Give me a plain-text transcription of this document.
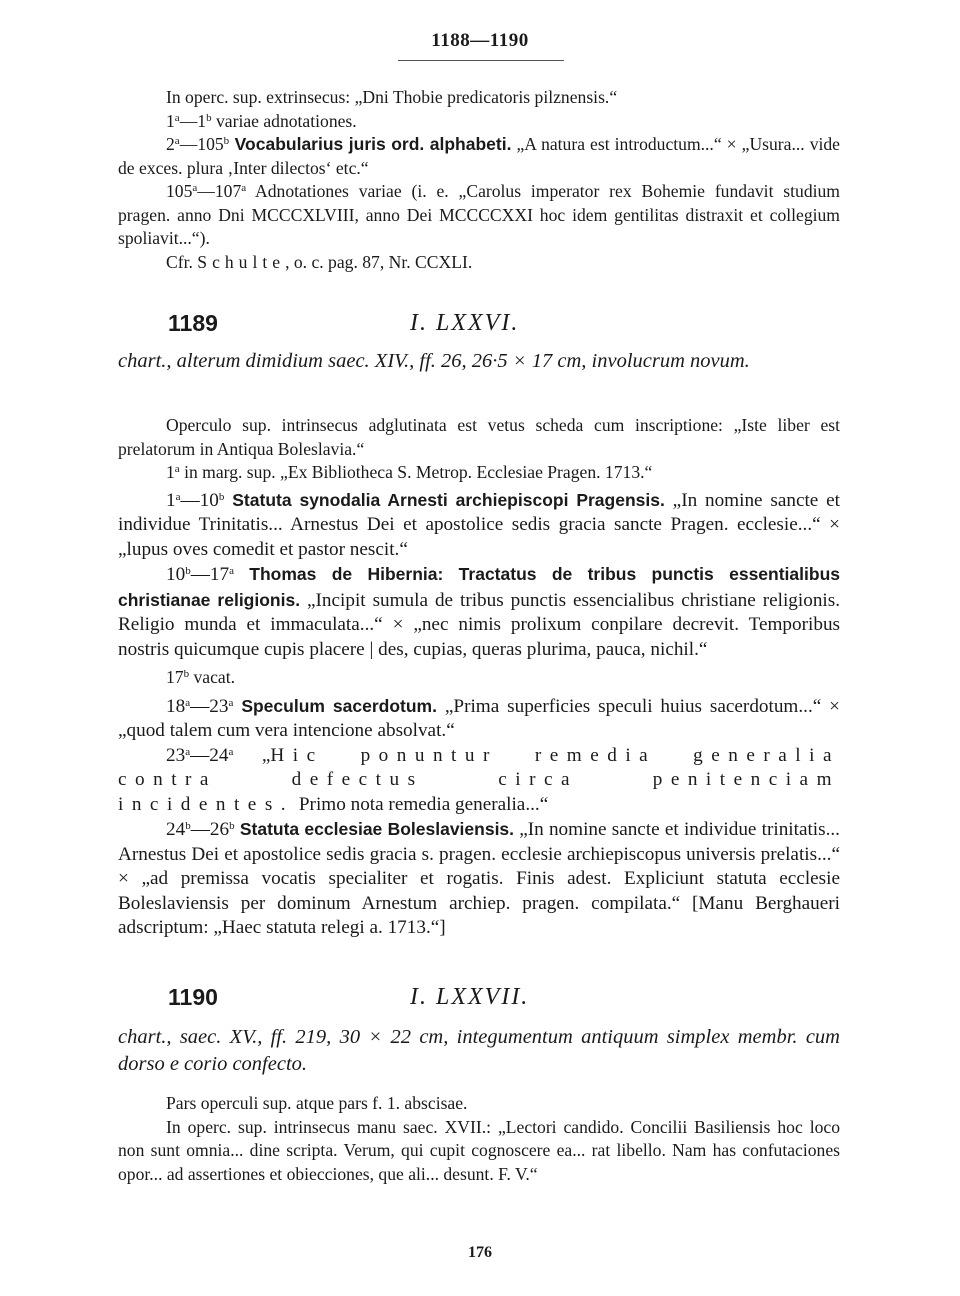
1188—1190

In operc. sup. extrinsecus: „Dni Thobie predicatoris pilznensis.“

1$^a$—1$^b$ variae adnotationes.

2$^a$—105$^b$ Vocabularius juris ord. alphabeti. „A natura est introductum...“ × „Usura... vide de exces. plura ‚Inter dilectos‘ etc.“

105$^a$—107$^a$ Adnotationes variae (i. e. „Carolus imperator rex Bohemie fundavit studium pragen. anno Dni MCCCXLVIII, anno Dei MCCCCXXI hoc idem gentilitas distraxit et collegium spoliavit...“).

Cfr. Schulte, o. c. pag. 87, Nr. CCXLI.

1189	I. LXXVI.

chart., alterum dimidium saec. XIV., ff. 26, 26·5 × 17 cm, involucrum novum.

Operculo sup. intrinsecus adglutinata est vetus scheda cum inscriptione: „Iste liber est prelatorum in Antiqua Boleslavia.“

1$^a$ in marg. sup. „Ex Bibliotheca S. Metrop. Ecclesiae Pragen. 1713.“

1$^a$—10$^b$ Statuta synodalia Arnesti archiepiscopi Pragensis. „In nomine sancte et individue Trinitatis... Arnestus Dei et apostolice sedis gracia sancte Pragen. ecclesie...“ × „lupus oves comedit et pastor nescit.“

10$^b$—17$^a$ Thomas de Hibernia: Tractatus de tribus punctis essentialibus christianae religionis. „Incipit sumula de tribus punctis essencialibus christiane religionis. Religio munda et immaculata...“ × „nec nimis prolixum conpilare decrevit. Temporibus nostris quicumque cupis placere | des, cupias, queras plurima, pauca, nichil.“

17$^b$ vacat.

18$^a$—23$^a$ Speculum sacerdotum. „Prima superficies speculi huius sacerdotum...“ × „quod talem cum vera intencione absolvat.“

23$^a$—24$^a$ „Hic ponuntur remedia generalia contra defectus circa penitenciam incidentes. Primo nota remedia generalia...“

24$^b$—26$^b$ Statuta ecclesiae Boleslaviensis. „In nomine sancte et individue trinitatis... Arnestus Dei et apostolice sedis gracia s. pragen. ecclesie archiepiscopus universis prelatis...“ × „ad premissa vocatis specialiter et rogatis. Finis adest. Expliciunt statuta ecclesie Boleslaviensis per dominum Arnestum archiep. pragen. compilata.“ [Manu Berghaueri adscriptum: „Haec statuta relegi a. 1713.“]

1190	I. LXXVII.

chart., saec. XV., ff. 219, 30 × 22 cm, integumentum antiquum simplex membr. cum dorso e corio confecto.

Pars operculi sup. atque pars f. 1. abscisae.

In operc. sup. intrinsecus manu saec. XVII.: „Lectori candido. Concilii Basiliensis hoc loco non sunt omnia... dine scripta. Verum, qui cupit cognoscere ea... rat libello. Nam has confutaciones opor... ad assertiones et obiecciones, que ali... desunt. F. V.“

176
